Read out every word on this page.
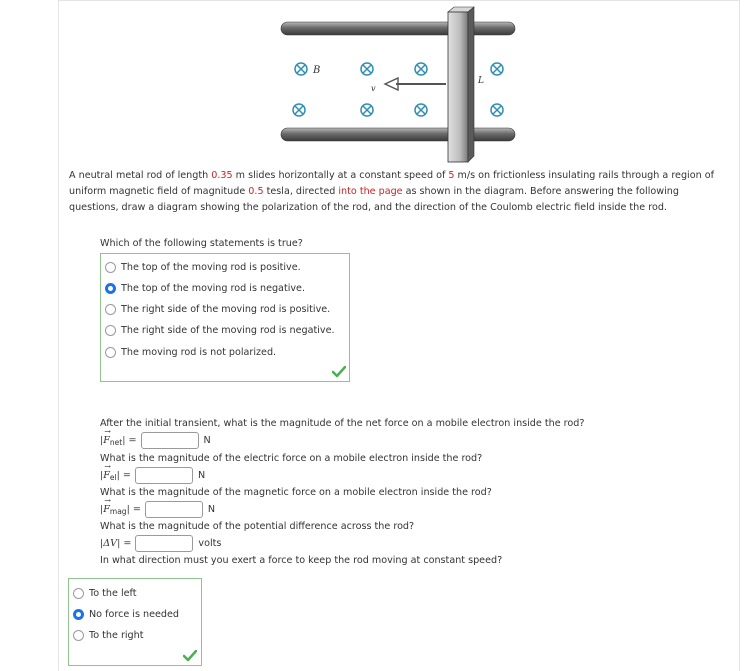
B
v
L
A neutral metal rod of length 0.35 m slides horizontally at a constant speed of 5 m/s on frictionless insulating rails through a region of uniform magnetic field of magnitude 0.5 tesla, directed into the page as shown in the diagram. Before answering the following questions, draw a diagram showing the polarization of the rod, and the direction of the Coulomb electric field inside the rod.
Which of the following statements is true?
The top of the moving rod is positive.
The top of the moving rod is negative.
The right side of the moving rod is positive.
The right side of the moving rod is negative.
The moving rod is not polarized.
After the initial transient, what is the magnitude of the net force on a mobile electron inside the rod?
|F
→
$_{net}$| =	N
What is the magnitude of the electric force on a mobile electron inside the rod?
|F
→
$_{el}$| =	N
What is the magnitude of the magnetic force on a mobile electron inside the rod?
|F
→
$_{mag}$| =	N
What is the magnitude of the potential difference across the rod?
|ΔV| =	volts
In what direction must you exert a force to keep the rod moving at constant speed?
To the left
No force is needed
To the right
